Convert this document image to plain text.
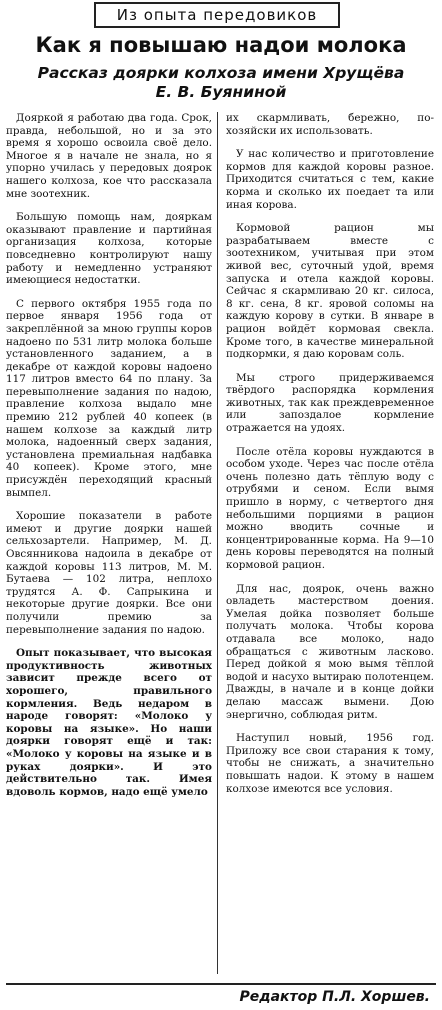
Из опыта передовиков
Как я повышаю надои молока
Рассказ доярки колхоза имени Хрущёва
Е. В. Буяниной

Дояркой я работаю два года. Срок, правда, небольшой, но и за это время я хорошо освоила своё дело. Многое я в начале не знала, но я упорно училась у передовых доярок нашего колхоза, кое что рассказала мне зоотехник.

Большую помощь нам, дояркам оказывают правление и партийная организация колхоза, которые повседневно контролируют нашу работу и немедленно устраняют имеющиеся недостатки.

С первого октября 1955 года по первое января 1956 года от закреплённой за мною группы коров надоено по 531 литр молока больше установленного заданием, а в декабре от каждой коровы надоено 117 литров вместо 64 по плану. За перевыполнение задания по надою, правление колхоза выдало мне премию 212 рублей 40 копеек (в нашем колхозе за каждый литр молока, надоенный сверх задания, установлена премиальная надбавка 40 копеек). Кроме этого, мне присуждён переходящий красный вымпел.

Хорошие показатели в работе имеют и другие доярки нашей сельхозартели. Например, М. Д. Овсянникова надоила в декабре от каждой коровы 113 литров, М. М. Бутаева — 102 литра, неплохо трудятся А. Ф. Сапрыкина и некоторые другие доярки. Все они получили премию за перевыполнение задания по надою.

Опыт показывает, что высокая продуктивность животных зависит прежде всего от хорошего, правильного кормления. Ведь недаром в народе говорят: «Молоко у коровы на языке». Но наши доярки говорят ещё и так: «Молоко у коровы на языке и в руках доярки». И это действительно так. Имея вдоволь кормов, надо ещё умело

их скармливать, бережно, по-хозяйски их использовать.

У нас количество и приготовление кормов для каждой коровы разное. Приходится считаться с тем, какие корма и сколько их поедает та или иная корова.

Кормовой рацион мы разрабатываем вместе с зоотехником, учитывая при этом живой вес, суточный удой, время запуска и отела каждой коровы. Сейчас я скармливаю 20 кг. силоса, 8 кг. сена, 8 кг. яровой соломы на каждую корову в сутки. В январе в рацион войдёт кормовая свекла. Кроме того, в качестве минеральной подкормки, я даю коровам соль.

Мы строго придерживаемся твёрдого распорядка кормления животных, так как преждевременное или запоздалое кормление отражается на удоях.

После отёла коровы нуждаются в особом уходе. Через час после отёла очень полезно дать тёплую воду с отрубями и сеном. Если вымя пришло в норму, с четвертого дня небольшими порциями в рацион можно вводить сочные и концентрированные корма. На 9—10 день коровы переводятся на полный кормовой рацион.

Для нас, доярок, очень важно овладеть мастерством доения. Умелая дойка позволяет больше получать молока. Чтобы корова отдавала все молоко, надо обращаться с животным ласково. Перед дойкой я мою вымя тёплой водой и насухо вытираю полотенцем. Дважды, в начале и в конце дойки делаю массаж вымени. Дою энергично, соблюдая ритм.

Наступил новый, 1956 год. Приложу все свои старания к тому, чтобы не снижать, а значительно повышать надои. К этому в нашем колхозе имеются все условия.

Редактор П.Л. Хоршев.
